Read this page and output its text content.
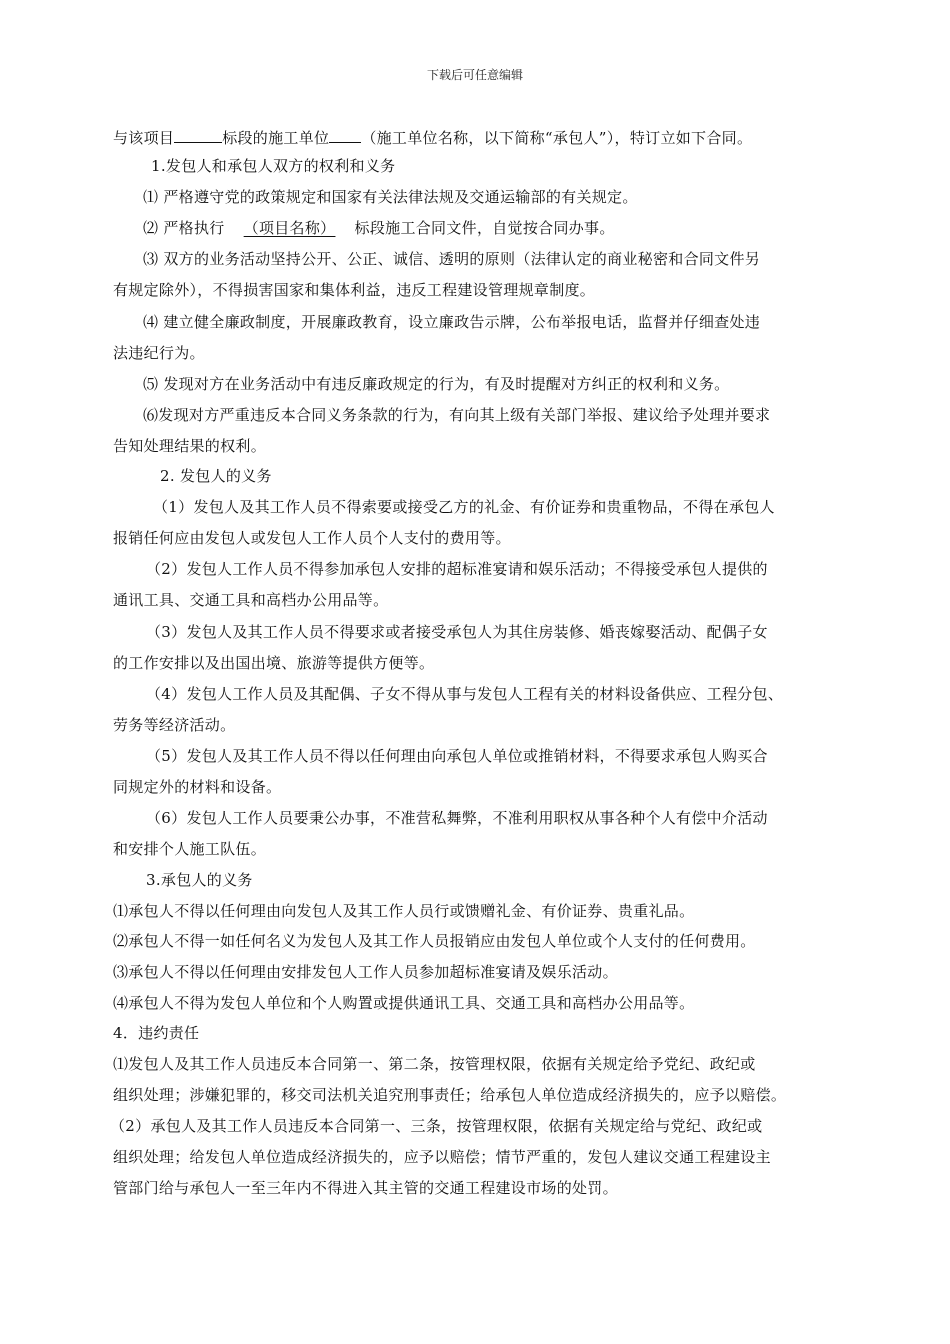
下载后可任意编辑
与该项目	标段的施工单位 （施工单位名称，以下简称“承包人”），特订立如下合同。
1.发包人和承包人双方的权利和义务
⑴ 严格遵守党的政策规定和国家有关法律法规及交通运输部的有关规定。
⑵ 严格执行 （项目名称） 标段施工合同文件，自觉按合同办事。
⑶ 双方的业务活动坚持公开、公正、诚信、透明的原则（法律认定的商业秘密和合同文件另
有规定除外），不得损害国家和集体利益，违反工程建设管理规章制度。
⑷ 建立健全廉政制度，开展廉政教育，设立廉政告示牌，公布举报电话，监督并仔细查处违
法违纪行为。
⑸ 发现对方在业务活动中有违反廉政规定的行为，有及时提醒对方纠正的权利和义务。
⑹发现对方严重违反本合同义务条款的行为，有向其上级有关部门举报、建议给予处理并要求
告知处理结果的权利。
2. 发包人的义务
（1）发包人及其工作人员不得索要或接受乙方的礼金、有价证券和贵重物品，不得在承包人
报销任何应由发包人或发包人工作人员个人支付的费用等。
（2）发包人工作人员不得参加承包人安排的超标准宴请和娱乐活动；不得接受承包人提供的
通讯工具、交通工具和高档办公用品等。
（3）发包人及其工作人员不得要求或者接受承包人为其住房装修、婚丧嫁娶活动、配偶子女
的工作安排以及出国出境、旅游等提供方便等。
（4）发包人工作人员及其配偶、子女不得从事与发包人工程有关的材料设备供应、工程分包、
劳务等经济活动。
（5）发包人及其工作人员不得以任何理由向承包人单位或推销材料，不得要求承包人购买合
同规定外的材料和设备。
（6）发包人工作人员要秉公办事，不准营私舞弊，不准利用职权从事各种个人有偿中介活动
和安排个人施工队伍。
3.承包人的义务
⑴承包人不得以任何理由向发包人及其工作人员行或馈赠礼金、有价证券、贵重礼品。
⑵承包人不得一如任何名义为发包人及其工作人员报销应由发包人单位或个人支付的任何费用。
⑶承包人不得以任何理由安排发包人工作人员参加超标准宴请及娱乐活动。
⑷承包人不得为发包人单位和个人购置或提供通讯工具、交通工具和高档办公用品等。
4．违约责任
⑴发包人及其工作人员违反本合同第一、第二条，按管理权限，依据有关规定给予党纪、政纪或
组织处理；涉嫌犯罪的，移交司法机关追究刑事责任；给承包人单位造成经济损失的，应予以赔偿。
（2）承包人及其工作人员违反本合同第一、三条，按管理权限，依据有关规定给与党纪、政纪或
组织处理；给发包人单位造成经济损失的，应予以赔偿；情节严重的，发包人建议交通工程建设主
管部门给与承包人一至三年内不得进入其主管的交通工程建设市场的处罚。
